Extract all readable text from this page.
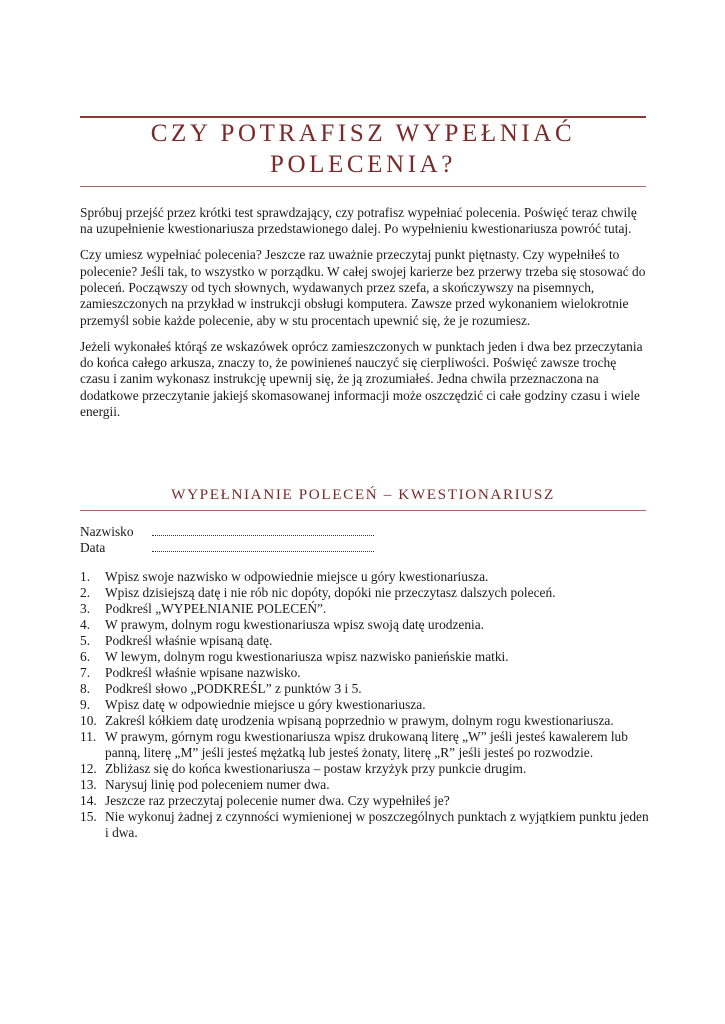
CZY POTRAFISZ WYPEŁNIAĆ
POLECENIA?

Spróbuj przejść przez krótki test sprawdzający, czy potrafisz wypełniać polecenia. Poświęć teraz chwilę na uzupełnienie kwestionariusza przedstawionego dalej. Po wypełnieniu kwestionariusza powróć tutaj.

Czy umiesz wypełniać polecenia? Jeszcze raz uważnie przeczytaj punkt piętnasty. Czy wypełniłeś to polecenie? Jeśli tak, to wszystko w porządku. W całej swojej karierze bez przerwy trzeba się stosować do poleceń. Począwszy od tych słownych, wydawanych przez szefa, a skończywszy na pisemnych, zamieszczonych na przykład w instrukcji obsługi komputera. Zawsze przed wykonaniem wielokrotnie przemyśl sobie każde polecenie, aby w stu procentach upewnić się, że je rozumiesz.

Jeżeli wykonałeś którąś ze wskazówek oprócz zamieszczonych w punktach jeden i dwa bez przeczytania do końca całego arkusza, znaczy to, że powinieneś nauczyć się cierpliwości. Poświęć zawsze trochę czasu i zanim wykonasz instrukcję upewnij się, że ją zrozumiałeś. Jedna chwila przeznaczona na dodatkowe przeczytanie jakiejś skomasowanej informacji może oszczędzić ci całe godziny czasu i wiele energii.

WYPEŁNIANIE POLECEŃ – KWESTIONARIUSZ
Nazwisko
Data
1.	Wpisz swoje nazwisko w odpowiednie miejsce u góry kwestionariusza.
2.	Wpisz dzisiejszą datę i nie rób nic dopóty, dopóki nie przeczytasz dalszych poleceń.
3.	Podkreśl „WYPEŁNIANIE POLECEŃ”.
4.	W prawym, dolnym rogu kwestionariusza wpisz swoją datę urodzenia.
5.	Podkreśl właśnie wpisaną datę.
6.	W lewym, dolnym rogu kwestionariusza wpisz nazwisko panieńskie matki.
7.	Podkreśl właśnie wpisane nazwisko.
8.	Podkreśl słowo „PODKREŚL” z punktów 3 i 5.
9.	Wpisz datę w odpowiednie miejsce u góry kwestionariusza.
10. Zakreśl kółkiem datę urodzenia wpisaną poprzednio w prawym, dolnym rogu kwestionariusza.
11. W prawym, górnym rogu kwestionariusza wpisz drukowaną literę „W” jeśli jesteś kawalerem lub panną, literę „M” jeśli jesteś mężatką lub jesteś żonaty, literę „R” jeśli jesteś po rozwodzie.
12. Zbliżasz się do końca kwestionariusza – postaw krzyżyk przy punkcie drugim.
13. Narysuj linię pod poleceniem numer dwa.
14. Jeszcze raz przeczytaj polecenie numer dwa. Czy wypełniłeś je?
15. Nie wykonuj żadnej z czynności wymienionej w poszczególnych punktach z wyjątkiem punktu jeden i dwa.
